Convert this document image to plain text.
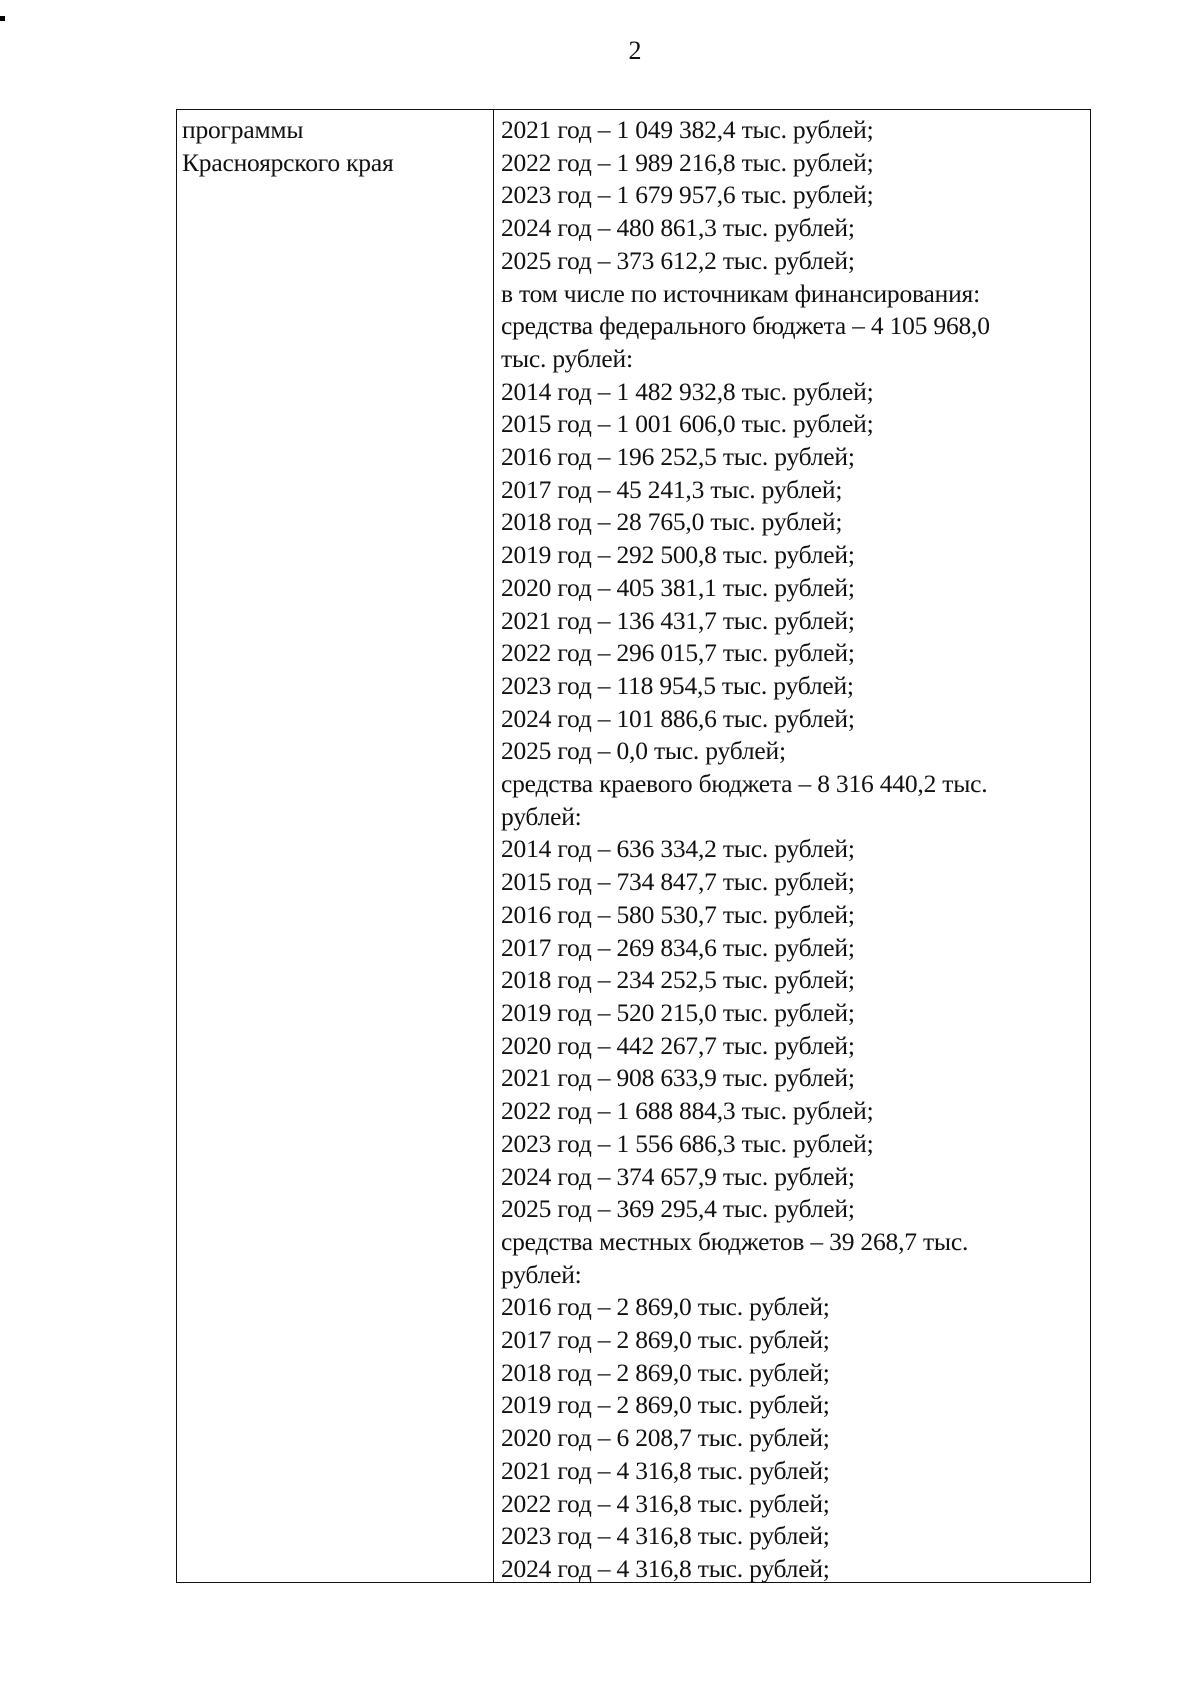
2
программы
Красноярского края
2021 год – 1 049 382,4 тыс. рублей;
2022 год – 1 989 216,8 тыс. рублей;
2023 год – 1 679 957,6 тыс. рублей;
2024 год – 480 861,3 тыс. рублей;
2025 год – 373 612,2 тыс. рублей;
в том числе по источникам финансирования:
средства федерального бюджета – 4 105 968,0
тыс. рублей:
2014 год – 1 482 932,8 тыс. рублей;
2015 год – 1 001 606,0 тыс. рублей;
2016 год – 196 252,5 тыс. рублей;
2017 год – 45 241,3 тыс. рублей;
2018 год – 28 765,0 тыс. рублей;
2019 год – 292 500,8 тыс. рублей;
2020 год – 405 381,1 тыс. рублей;
2021 год – 136 431,7 тыс. рублей;
2022 год – 296 015,7 тыс. рублей;
2023 год – 118 954,5 тыс. рублей;
2024 год – 101 886,6 тыс. рублей;
2025 год – 0,0 тыс. рублей;
средства краевого бюджета – 8 316 440,2 тыс.
рублей:
2014 год – 636 334,2 тыс. рублей;
2015 год – 734 847,7 тыс. рублей;
2016 год – 580 530,7 тыс. рублей;
2017 год – 269 834,6 тыс. рублей;
2018 год – 234 252,5 тыс. рублей;
2019 год – 520 215,0 тыс. рублей;
2020 год – 442 267,7 тыс. рублей;
2021 год – 908 633,9 тыс. рублей;
2022 год – 1 688 884,3 тыс. рублей;
2023 год – 1 556 686,3 тыс. рублей;
2024 год – 374 657,9 тыс. рублей;
2025 год – 369 295,4 тыс. рублей;
средства местных бюджетов – 39 268,7 тыс.
рублей:
2016 год – 2 869,0 тыс. рублей;
2017 год – 2 869,0 тыс. рублей;
2018 год – 2 869,0 тыс. рублей;
2019 год – 2 869,0 тыс. рублей;
2020 год – 6 208,7 тыс. рублей;
2021 год – 4 316,8 тыс. рублей;
2022 год – 4 316,8 тыс. рублей;
2023 год – 4 316,8 тыс. рублей;
2024 год – 4 316,8 тыс. рублей;
